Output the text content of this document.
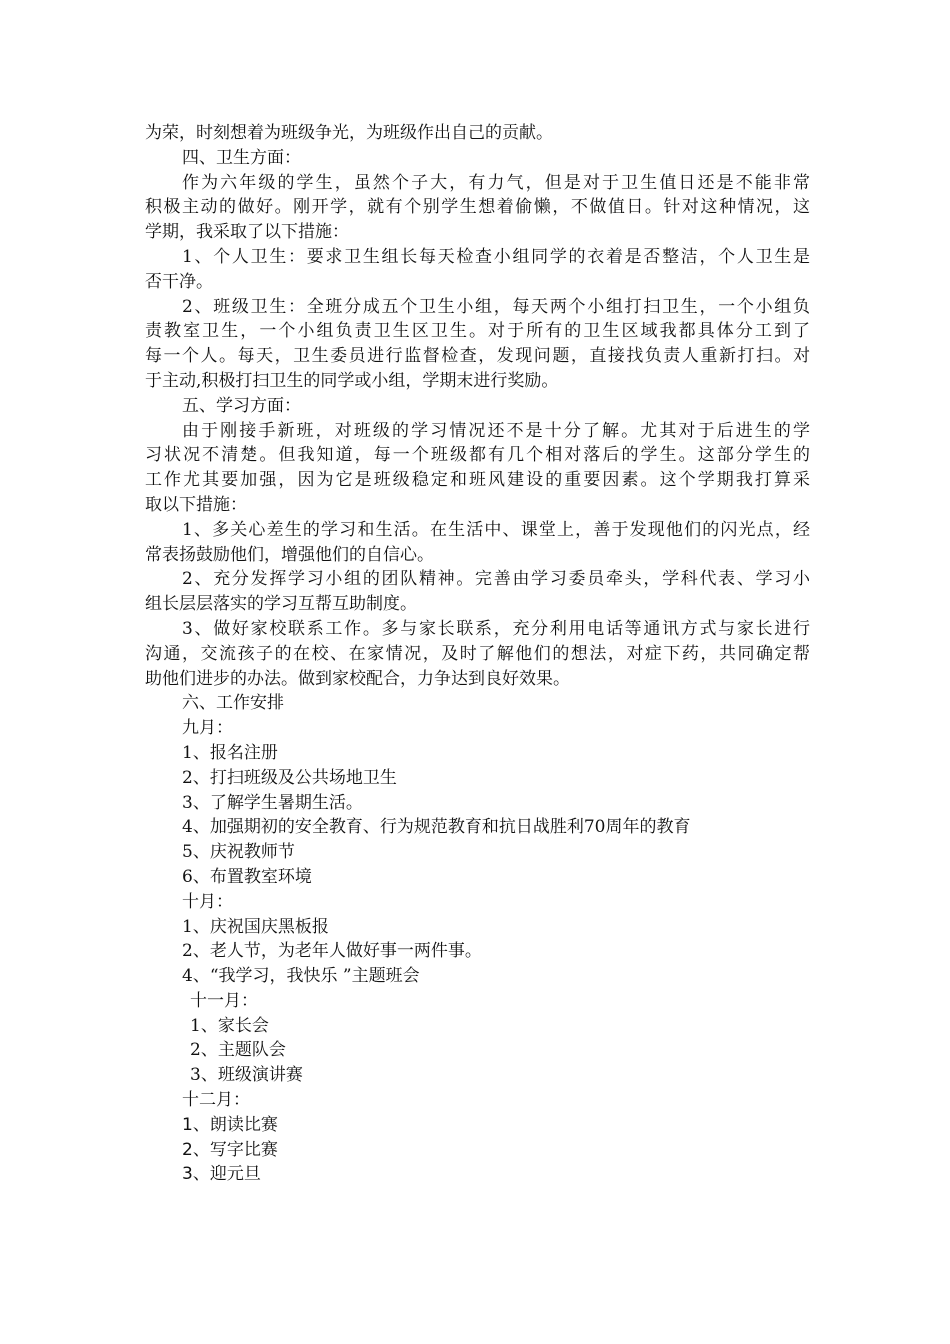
为荣，时刻想着为班级争光，为班级作出自己的贡献。
四、卫生方面：
作为六年级的学生，虽然个子大，有力气，但是对于卫生值日还是不能非常
积极主动的做好。刚开学，就有个别学生想着偷懒，不做值日。针对这种情况，这
学期，我采取了以下措施：
1、个人卫生：要求卫生组长每天检查小组同学的衣着是否整洁，个人卫生是
否干净。
2、班级卫生：全班分成五个卫生小组，每天两个小组打扫卫生，一个小组负
责教室卫生，一个小组负责卫生区卫生。对于所有的卫生区域我都具体分工到了
每一个人。每天，卫生委员进行监督检查，发现问题，直接找负责人重新打扫。对
于主动,积极打扫卫生的同学或小组，学期末进行奖励。
五、学习方面：
由于刚接手新班，对班级的学习情况还不是十分了解。尤其对于后进生的学
习状况不清楚。但我知道，每一个班级都有几个相对落后的学生。这部分学生的
工作尤其要加强，因为它是班级稳定和班风建设的重要因素。这个学期我打算采
取以下措施：
1、多关心差生的学习和生活。在生活中、课堂上，善于发现他们的闪光点，经
常表扬鼓励他们，增强他们的自信心。
2、充分发挥学习小组的团队精神。完善由学习委员牵头，学科代表、学习小
组长层层落实的学习互帮互助制度。
3、做好家校联系工作。多与家长联系，充分利用电话等通讯方式与家长进行
沟通，交流孩子的在校、在家情况，及时了解他们的想法，对症下药，共同确定帮
助他们进步的办法。做到家校配合，力争达到良好效果。
六、工作安排
九月：
1、报名注册
2、打扫班级及公共场地卫生
3、了解学生暑期生活。
4、加强期初的安全教育、行为规范教育和抗日战胜利70周年的教育
5、庆祝教师节
6、布置教室环境
十月：
1、庆祝国庆黑板报
2、老人节，为老年人做好事一两件事。
4、“我学习，我快乐 ”主题班会
十一月：
1、家长会
2、主题队会
3、班级演讲赛
十二月：
1、朗读比赛
2、写字比赛
3、迎元旦
